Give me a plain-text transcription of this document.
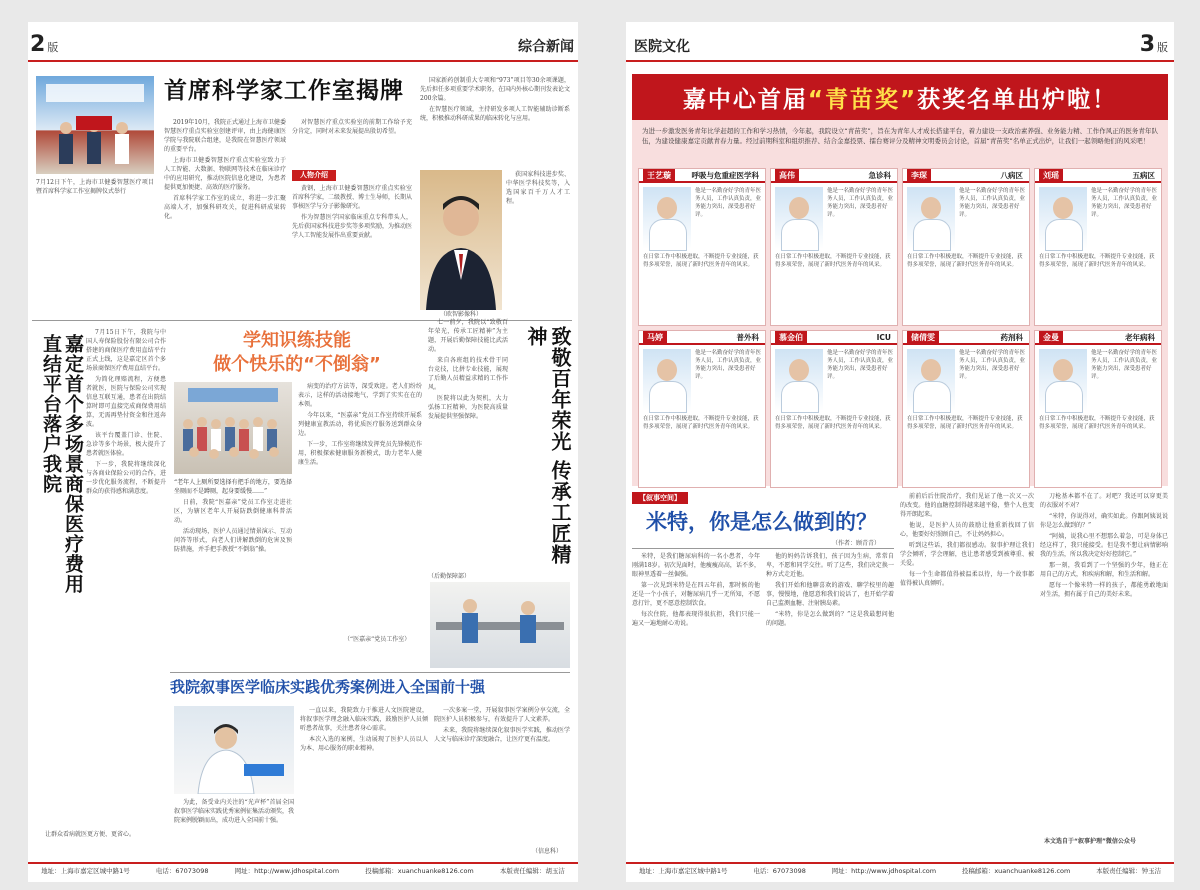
2 版	综合新闻

7月12日下午，上海市卫健委智慧医疗项目暨首席科学家工作室揭牌仪式举行

首席科学家工作室揭牌

2019年10月，我院正式通过上海市卫健委智慧医疗重点实验室创建评审，由上海健康医学院与我院联合组建，是我院在智慧医疗领域的重要平台。

上海市卫健委智慧医疗重点实验室致力于人工智能、大数据、物联网等技术在临床诊疗中的应用研究，推动医院信息化建设，为患者提供更加便捷、高效的医疗服务。

首席科学家工作室的成立，将进一步汇聚高端人才，加强科研攻关，促进科研成果转化。

对智慧医疗重点实验室的前期工作给予充分肯定，同时对未来发展提出殷切希望。

人物介绍

黄钢，上海市卫健委智慧医疗重点实验室首席科学家，二级教授、博士生导师，长期从事核医学与分子影像研究。

作为智慧医学国家临床重点专科带头人，先后获国家科技进步奖等多项奖励，为推动医学人工智能发展作出重要贡献。

（欧智影像科）

国家新药创制重大专项和“973”项目等30余项课题，先后担任多项重要学术职务，在国内外核心期刊发表论文200余篇。

在智慧医疗领域，主持研发多项人工智能辅助诊断系统，积极推动科研成果的临床转化与应用。

获国家科技进步奖、中华医学科技奖等，入选国家百千万人才工程。

嘉定首个多场景商保医疗费用直结平台落户我院

7月15日下午，我院与中国人寿保险股份有限公司合作搭建的商保医疗费用直结平台正式上线，这是嘉定区首个多场景商保医疗费用直结平台。

为简化理赔流程，方便患者就医，医院与保险公司实现信息互联互通，患者在出院结算时即可直接完成商保费用结算，无需再垫付资金和往返奔波。

该平台覆盖门诊、住院、急诊等多个场景，极大提升了患者就医体验。

下一步，我院将继续深化与各商业保险公司的合作，进一步优化服务流程，不断提升群众的获得感和满意度。

学知识练技能
做个快乐的“不倒翁”

“老年人上厕所要选择有把手的地方，要选择坐厕而不是蹲厕，起身要缓慢……”

日前，我院“医嘉亲”党员工作室走进社区，为辖区老年人开展防跌倒健康科普活动。

活动现场，医护人员通过情景演示、互动问答等形式，向老人们讲解跌倒的危害及预防措施，并手把手教授“不倒翁”操。

病变的治疗方法等，深受欢迎。老人们纷纷表示，这样的活动接地气，学到了实实在在的本领。

今年以来，“医嘉亲”党员工作室持续开展系列健康宣教活动，将优质医疗服务送到群众身边。

下一步，工作室将继续发挥党员先锋模范作用，积极探索健康服务新模式，助力老年人健康生活。

（“医嘉亲”党员工作室）

七一前夕，我院以“致敬百年荣光，传承工匠精神”为主题，开展后勤保障技能比武活动。

来自各班组的技术骨干同台竞技，比拼专业技能，展现了后勤人员精益求精的工作作风。

医院将以此为契机，大力弘扬工匠精神，为医院高质量发展提供坚强保障。	致敬百年荣光 传承工匠精神
（后勤保障部）
我院叙事医学临床实践优秀案例进入全国前十强

为此，备受业内关注的“光声杯”首届全国叙事医学临床实践优秀案例征集活动颁奖，我院案例脱颖而出，成功进入全国前十强。

一直以来，我院致力于推进人文医院建设，将叙事医学理念融入临床实践，鼓励医护人员倾听患者故事，关注患者身心需求。

本次入选的案例，生动展现了医护人员以人为本、用心服务的职业精神。

一次多案一堂，开展叙事医学案例分享交流，全院医护人员积极参与，有效提升了人文素养。

未来，我院将继续深化叙事医学实践，推动医学人文与临床诊疗深度融合，让医疗更有温度。

（信息科）

让群众看病就医更方便、更省心。

地址：上海市嘉定区城中路1号	电话：67073098	网址：http://www.jdhospital.com	投稿邮箱：xuanchuanke8126.com	本版责任编辑：胡玉洁
医院文化	3 版
嘉中心首届“青苗奖”获奖名单出炉啦！
为进一步激发医务青年比学赶超的工作和学习热情，今年起，我院设立“青苗奖”，旨在为青年人才成长搭建平台，着力建设一支政治素养强、业务能力精、工作作风正的医务青年队伍，为建设健康嘉定贡献青春力量。经过前期科室和组织推荐、结合金嘉投票、擂台赛评分及精神文明委员会讨论，首届“青苗奖”名单正式出炉，让我们一起领略他们的风采吧！
王艺璇	呼吸与危重症医学科
他是一名勤奋好学的青年医务人员，工作认真负责，业务能力突出，深受患者好评。
在日常工作中积极进取，不断提升专业技能，获得多项荣誉，展现了新时代医务青年的风采。
高伟	急诊科
他是一名勤奋好学的青年医务人员，工作认真负责，业务能力突出，深受患者好评。
在日常工作中积极进取，不断提升专业技能，获得多项荣誉，展现了新时代医务青年的风采。
李琛	八病区
他是一名勤奋好学的青年医务人员，工作认真负责，业务能力突出，深受患者好评。
在日常工作中积极进取，不断提升专业技能，获得多项荣誉，展现了新时代医务青年的风采。
刘瑶	五病区
他是一名勤奋好学的青年医务人员，工作认真负责，业务能力突出，深受患者好评。
在日常工作中积极进取，不断提升专业技能，获得多项荣誉，展现了新时代医务青年的风采。
马婷	普外科
他是一名勤奋好学的青年医务人员，工作认真负责，业务能力突出，深受患者好评。
在日常工作中积极进取，不断提升专业技能，获得多项荣誉，展现了新时代医务青年的风采。
慕金伯	ICU
他是一名勤奋好学的青年医务人员，工作认真负责，业务能力突出，深受患者好评。
在日常工作中积极进取，不断提升专业技能，获得多项荣誉，展现了新时代医务青年的风采。
储倩雯	药剂科
他是一名勤奋好学的青年医务人员，工作认真负责，业务能力突出，深受患者好评。
在日常工作中积极进取，不断提升专业技能，获得多项荣誉，展现了新时代医务青年的风采。
金曼	老年病科
他是一名勤奋好学的青年医务人员，工作认真负责，业务能力突出，深受患者好评。
在日常工作中积极进取，不断提升专业技能，获得多项荣誉，展现了新时代医务青年的风采。
【叙事空间】
米特，你是怎么做到的？
（作者：顾青青）

米特，是我们糖尿病科的一名小患者，今年刚满18岁。初次见面时，他瘦瘦高高，话不多，眼神里透着一丝倔强。

第一次见到米特是在四五年前，那时候的他还是一个小孩子，对糖尿病几乎一无所知，不愿意打针，更不愿意控制饮食。

每次住院，他都表现得很抗拒，我们只能一遍又一遍地耐心劝说。

他的妈妈告诉我们，孩子因为生病，常常自卑，不愿和同学交往。听了这些，我们决定换一种方式走近他。

我们开始和他聊喜欢的游戏、聊学校里的趣事，慢慢地，他愿意和我们说话了，也开始学着自己监测血糖、注射胰岛素。

“米特，你是怎么做到的？”这是我最想问他的问题。

前前后后住院治疗，我们见证了他一次又一次的改变。他的血糖控制得越来越平稳，整个人也变得开朗起来。

他说，是医护人员的鼓励让他重新找回了信心，他要好好照顾自己，不让妈妈担心。

听到这些话，我们都很感动。叙事护理让我们学会倾听，学会理解，也让患者感受到被尊重、被关爱。

每一个生命都值得被温柔以待，每一个故事都值得被认真倾听。

刀枪基本都不在了。对吧？我还可以穿更美的衣服对不对？

“米特，你说得对，确实如此。你跟阿姨说说你是怎么做到的？”

“阿姨，说我心里不想那么着急，可是身体已经这样了，我只能接受。但是我不想让病情影响我的生活，所以我决定好好控制它。”

那一刻，我看到了一个坚强的少年，他正在用自己的方式，和疾病和解，和生活和解。

愿每一个像米特一样的孩子，都能勇敢地面对生活，拥有属于自己的美好未来。

本文选自于“叙事护理”微信公众号
地址：上海市嘉定区城中路1号	电话：67073098	网址：http://www.jdhospital.com	投稿邮箱：xuanchuanke8126.com	本版责任编辑：钟玉洁
